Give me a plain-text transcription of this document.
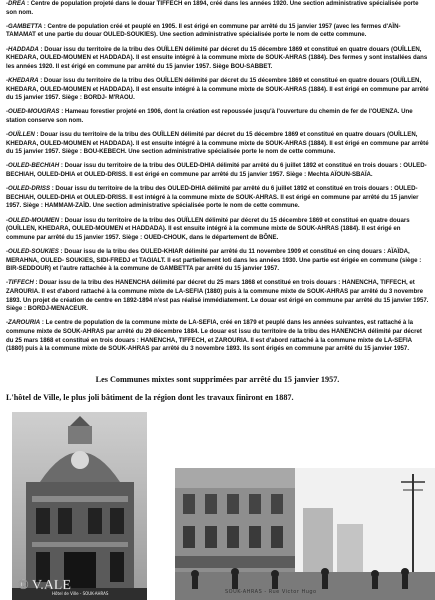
-DREA : Centre de population projeté dans le douar TIFFECH en 1894, créé dans les années 1920. Une section administrative spécialisée porte son nom.

-GAMBETTA : Centre de population créé et peuplé en 1905. Il est érigé en commune par arrêté du 15 janvier 1957 (avec les fermes d'AÏN-TAMAMAT et une partie du douar OULED-SOUKIES). Une section administrative spécialisée porte le nom de cette commune.

-HADDADA : Douar issu du territoire de la tribu des OUÏLLEN délimité par décret du 15 décembre 1869 et constitué en quatre douars (OUÏLLEN, KHEDARA, OULED-MOUMEN et HADDADA). Il est ensuite intégré à la commune mixte de SOUK-AHRAS (1884). Des fermes y sont installées dans les années 1920. Il est érigé en commune par arrêté du 15 janvier 1957. Siège BOU-SABBET.

-KHEDARA : Douar issu du territoire de la tribu des OUÏLLEN délimité par décret du 15 décembre 1869 et constitué en quatre douars (OUÏLLEN, KHEDARA, OULED-MOUMEN et HADDADA). Il est ensuite intégré à la commune mixte de SOUK-AHRAS (1884). Il est érigé en commune par arrêté du 15 janvier 1957. Siège : BORDJ- M'RAOU.

-OUED-MOUGRAS : Hameau forestier projeté en 1906, dont la création est repoussée jusqu'à l'ouverture du chemin de fer de l'OUENZA. Une station conserve son nom.

-OUÏLLEN : Douar issu du territoire de la tribu des OUÏLLEN délimité par décret du 15 décembre 1869 et constitué en quatre douars (OUÏLLEN, KHEDARA, OULED-MOUMEN et HADDADA). Il est ensuite intégré à la commune mixte de SOUK-AHRAS (1884). Il est érigé en commune par arrêté du 15 janvier 1957. Siège : BOU-KEBECH. Une section administrative spécialisée porte le nom de cette commune.

-OULED-BECHIAH : Douar issu du territoire de la tribu des OULED-DHIA délimité par arrêté du 6 juillet 1892 et constitué en trois douars : OULED-BECHIAH, OULED-DHIA et OULED-DRISS. Il est érigé en commune par arrêté du 15 janvier 1957. Siège : Mechta AÏOUN-SBAÏA.

-OULED-DRISS : Douar issu du territoire de la tribu des OULED-DHIA délimité par arrêté du 6 juillet 1892 et constitué en trois douars : OULED-BECHIAH, OULED-DHIA et OULED-DRISS. Il est intégré à la commune mixte de SOUK-AHRAS. Il est érigé en commune par arrêté du 15 janvier 1957. Siège : HAMMAM-ZAÏD. Une section administrative spécialisée porte le nom de cette commune.

-OULED-MOUMEN : Douar issu du territoire de la tribu des OUÏLLEN délimité par décret du 15 décembre 1869 et constitué en quatre douars (OUÏLLEN, KHEDARA, OULED-MOUMEN et HADDADA). Il est ensuite intégré à la commune mixte de SOUK-AHRAS (1884). Il est érigé en commune par arrêté du 15 janvier 1957. Siège : OUED-CHOUK, dans le département de BÔNE.

-OULED-SOUKIES : Douar issu de la tribu des OULED-KHIAR délimité par arrêté du 11 novembre 1909 et constitué en cinq douars : AÏAÏDA, MERAHNA, OULED- SOUKIES, SIDI-FREDJ et TAGIALT. Il est partiellement loti dans les années 1930. Une partie est érigée en commune (siège : BIR-SEDDOUR) et l'autre rattachée à la commune de GAMBETTA par arrêté du 15 janvier 1957.

-TIFFECH : Douar issu de la tribu des HANENCHA délimité par décret du 25 mars 1868 et constitué en trois douars : HANENCHA, TIFFECH, et ZAROURIA. Il est d'abord rattaché à la commune mixte de LA-SEFIA (1880) puis à la commune mixte de SOUK-AHRAS par arrêté du 3 novembre 1893. Un projet de création de centre en 1892-1894 n'est pas réalisé immédiatement. Le douar est érigé en commune par arrêté du 15 janvier 1957. Siège : BORDJ-MENACEUR.

-ZAROURIA : Le centre de population de la commune mixte de LA-SEFIA, créé en 1879 et peuplé dans les années suivantes, est rattaché à la commune mixte de SOUK-AHRAS par arrêté du 29 décembre 1884. Le douar est issu du territoire de la tribu des HANENCHA délimité par décret du 25 mars 1868 et constitué en trois douars : HANENCHA, TIFFECH, et ZAROURIA. Il est d'abord rattaché à la commune mixte de LA-SEFIA (1880) puis à la commune mixte de SOUK-AHRAS par arrêté du 3 novembre 1893. Ils sont érigés en commune par arrêté du 15 janvier 1957.

Les Communes mixtes sont supprimées par arrêté du 15 janvier 1957.
L'hôtel de Ville, le plus joli bâtiment de la région dont les travaux finiront en 1887.
© V.ALE
Hôtel de Ville - SOUK-AHRAS	SOUK-AHRAS - Rue Victor Hugo
